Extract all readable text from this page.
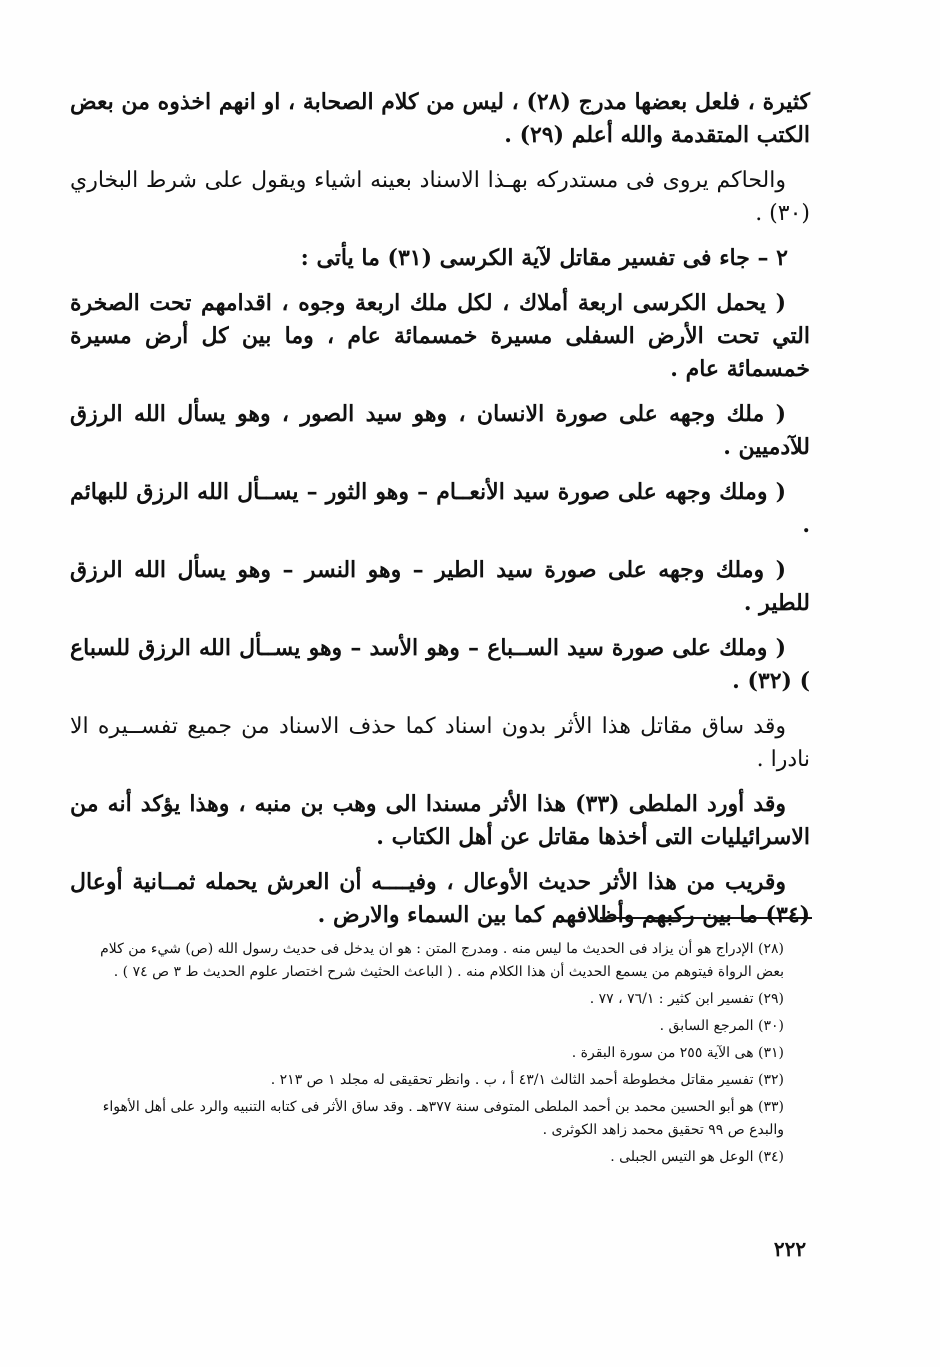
كثيرة ، فلعل بعضها مدرج (٢٨) ، ليس من كلام الصحابة ، او انهم اخذوه من بعض الكتب المتقدمة والله أعلم (٢٩) .

والحاكم يروى فى مستدركه بهـذا الاسناد بعينه اشياء ويقول على شرط البخاري (٣٠) .

٢ – جاء فى تفسير مقاتل لآية الكرسى (٣١) ما يأتى :

( يحمل الكرسى اربعة أملاك ، لكل ملك اربعة وجوه ، اقدامهم تحت الصخرة التي تحت الأرض السفلى مسيرة خمسمائة عام ، وما بين كل أرض مسيرة خمسمائة عام .

( ملك وجهه على صورة الانسان ، وهو سيد الصور ، وهو يسأل الله الرزق للآدميين .

( وملك وجهه على صورة سيد الأنعــام – وهو الثور – يســأل الله الرزق للبهائم .

( وملك وجهه على صورة سيد الطير – وهو النسر – وهو يسأل الله الرزق للطير .

( وملك على صورة سيد الســباع – وهو الأسد – وهو يســأل الله الرزق للسباع ) (٣٢) .

وقد ساق مقاتل هذا الأثر بدون اسناد كما حذف الاسناد من جميع تفســيره الا نادرا .

وقد أورد الملطى (٣٣) هذا الأثر مسندا الى وهب بن منبه ، وهذا يؤكد أنه من الاسرائيليات التى أخذها مقاتل عن أهل الكتاب .

وقريب من هذا الأثر حديث الأوعال ، وفيــــه أن العرش يحمله ثمــانية أوعال (٣٤) ما بين ركبهم وأظلافهم كما بين السماء والارض .

(٢٨) الإدراج هو أن يزاد فى الحديث ما ليس منه . ومدرج المتن : هو ان يدخل فى حديث رسول الله (ص) شيء من كلام بعض الرواة فيتوهم من يسمع الحديث أن هذا الكلام منه . ( الباعث الحثيث شرح اختصار علوم الحديث ط ٣ ص ٧٤ ) .

(٢٩) تفسير ابن كثير : ٧٦/١ ، ٧٧ .

(٣٠) المرجع السابق .

(٣١) هى الآية ٢٥٥ من سورة البقرة .

(٣٢) تفسير مقاتل مخطوطة أحمد الثالث ٤٣/١ أ ، ب . وانظر تحقيقى له مجلد ١ ص ٢١٣ .

(٣٣) هو أبو الحسين محمد بن أحمد الملطى المتوفى سنة ٣٧٧هـ . وقد ساق الأثر فى كتابه التنبيه والرد على أهل الأهواء والبدع ص ٩٩ تحقيق محمد زاهد الكوثرى .

(٣٤) الوعل هو التيس الجبلى .

٢٢٢
